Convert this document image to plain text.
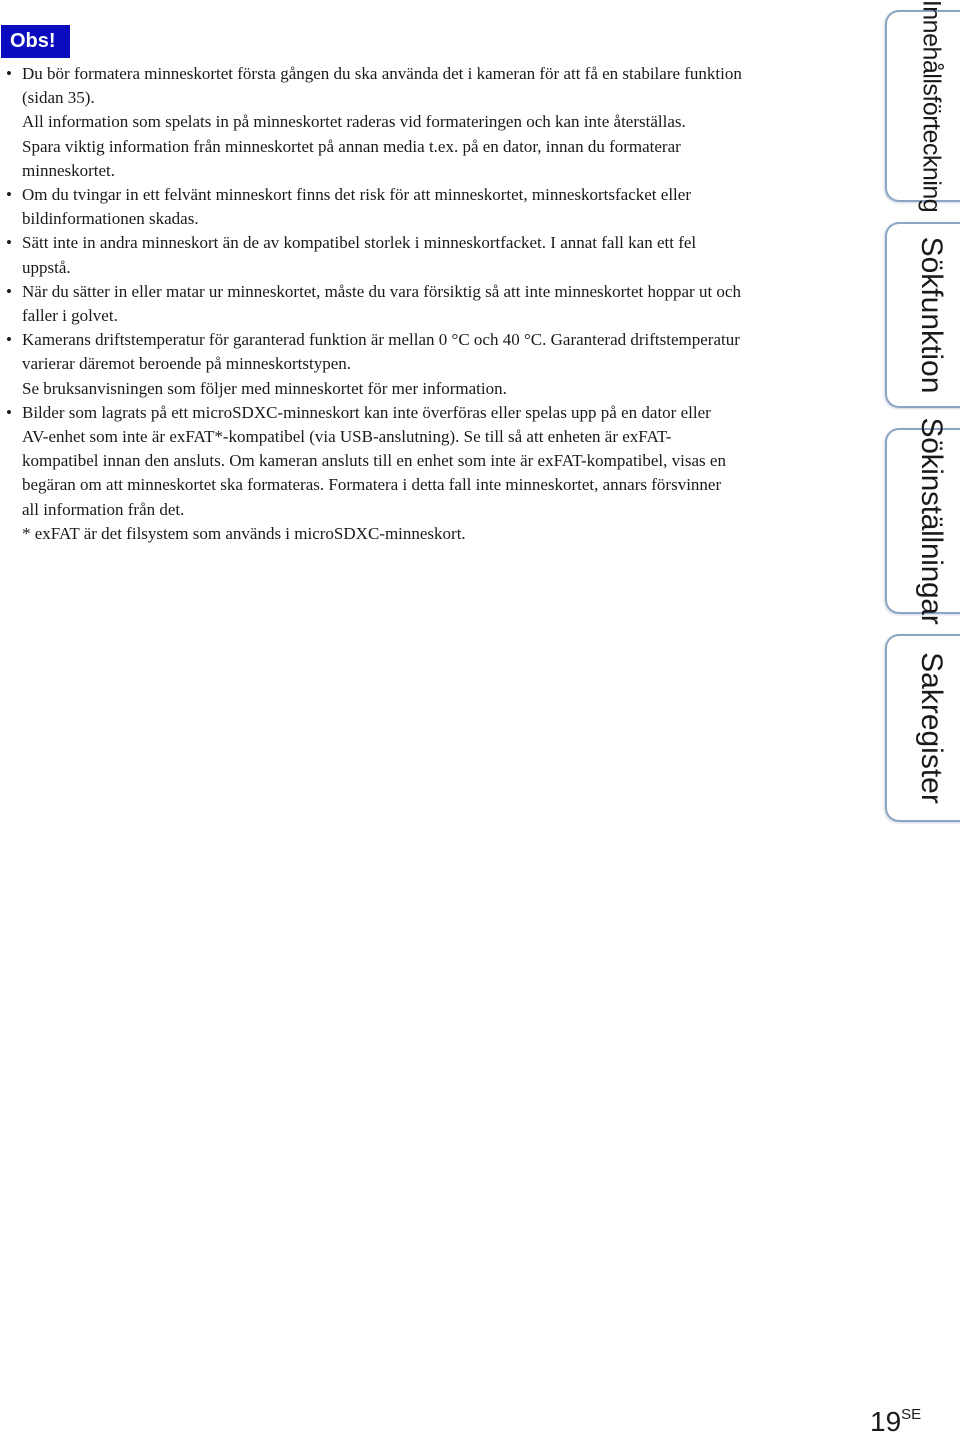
Obs!
• Du bör formatera minneskortet första gången du ska använda det i kameran för att få en stabilare funktion
(sidan 35).
All information som spelats in på minneskortet raderas vid formateringen och kan inte återställas.
Spara viktig information från minneskortet på annan media t.ex. på en dator, innan du formaterar
minneskortet.
• Om du tvingar in ett felvänt minneskort finns det risk för att minneskortet, minneskortsfacket eller
bildinformationen skadas.
• Sätt inte in andra minneskort än de av kompatibel storlek i minneskortfacket. I annat fall kan ett fel
uppstå.
• När du sätter in eller matar ur minneskortet, måste du vara försiktig så att inte minneskortet hoppar ut och
faller i golvet.
• Kamerans driftstemperatur för garanterad funktion är mellan 0 °C och 40 °C. Garanterad driftstemperatur
varierar däremot beroende på minneskortstypen.
Se bruksanvisningen som följer med minneskortet för mer information.
• Bilder som lagrats på ett microSDXC-minneskort kan inte överföras eller spelas upp på en dator eller
AV-enhet som inte är exFAT*-kompatibel (via USB-anslutning). Se till så att enheten är exFAT-
kompatibel innan den ansluts. Om kameran ansluts till en enhet som inte är exFAT-kompatibel, visas en
begäran om att minneskortet ska formateras. Formatera i detta fall inte minneskortet, annars försvinner
all information från det.
* exFAT är det filsystem som används i microSDXC-minneskort.
Innehållsförteckning
Sökfunktion
Sökinställningar
Sakregister
$19^{SE}$
